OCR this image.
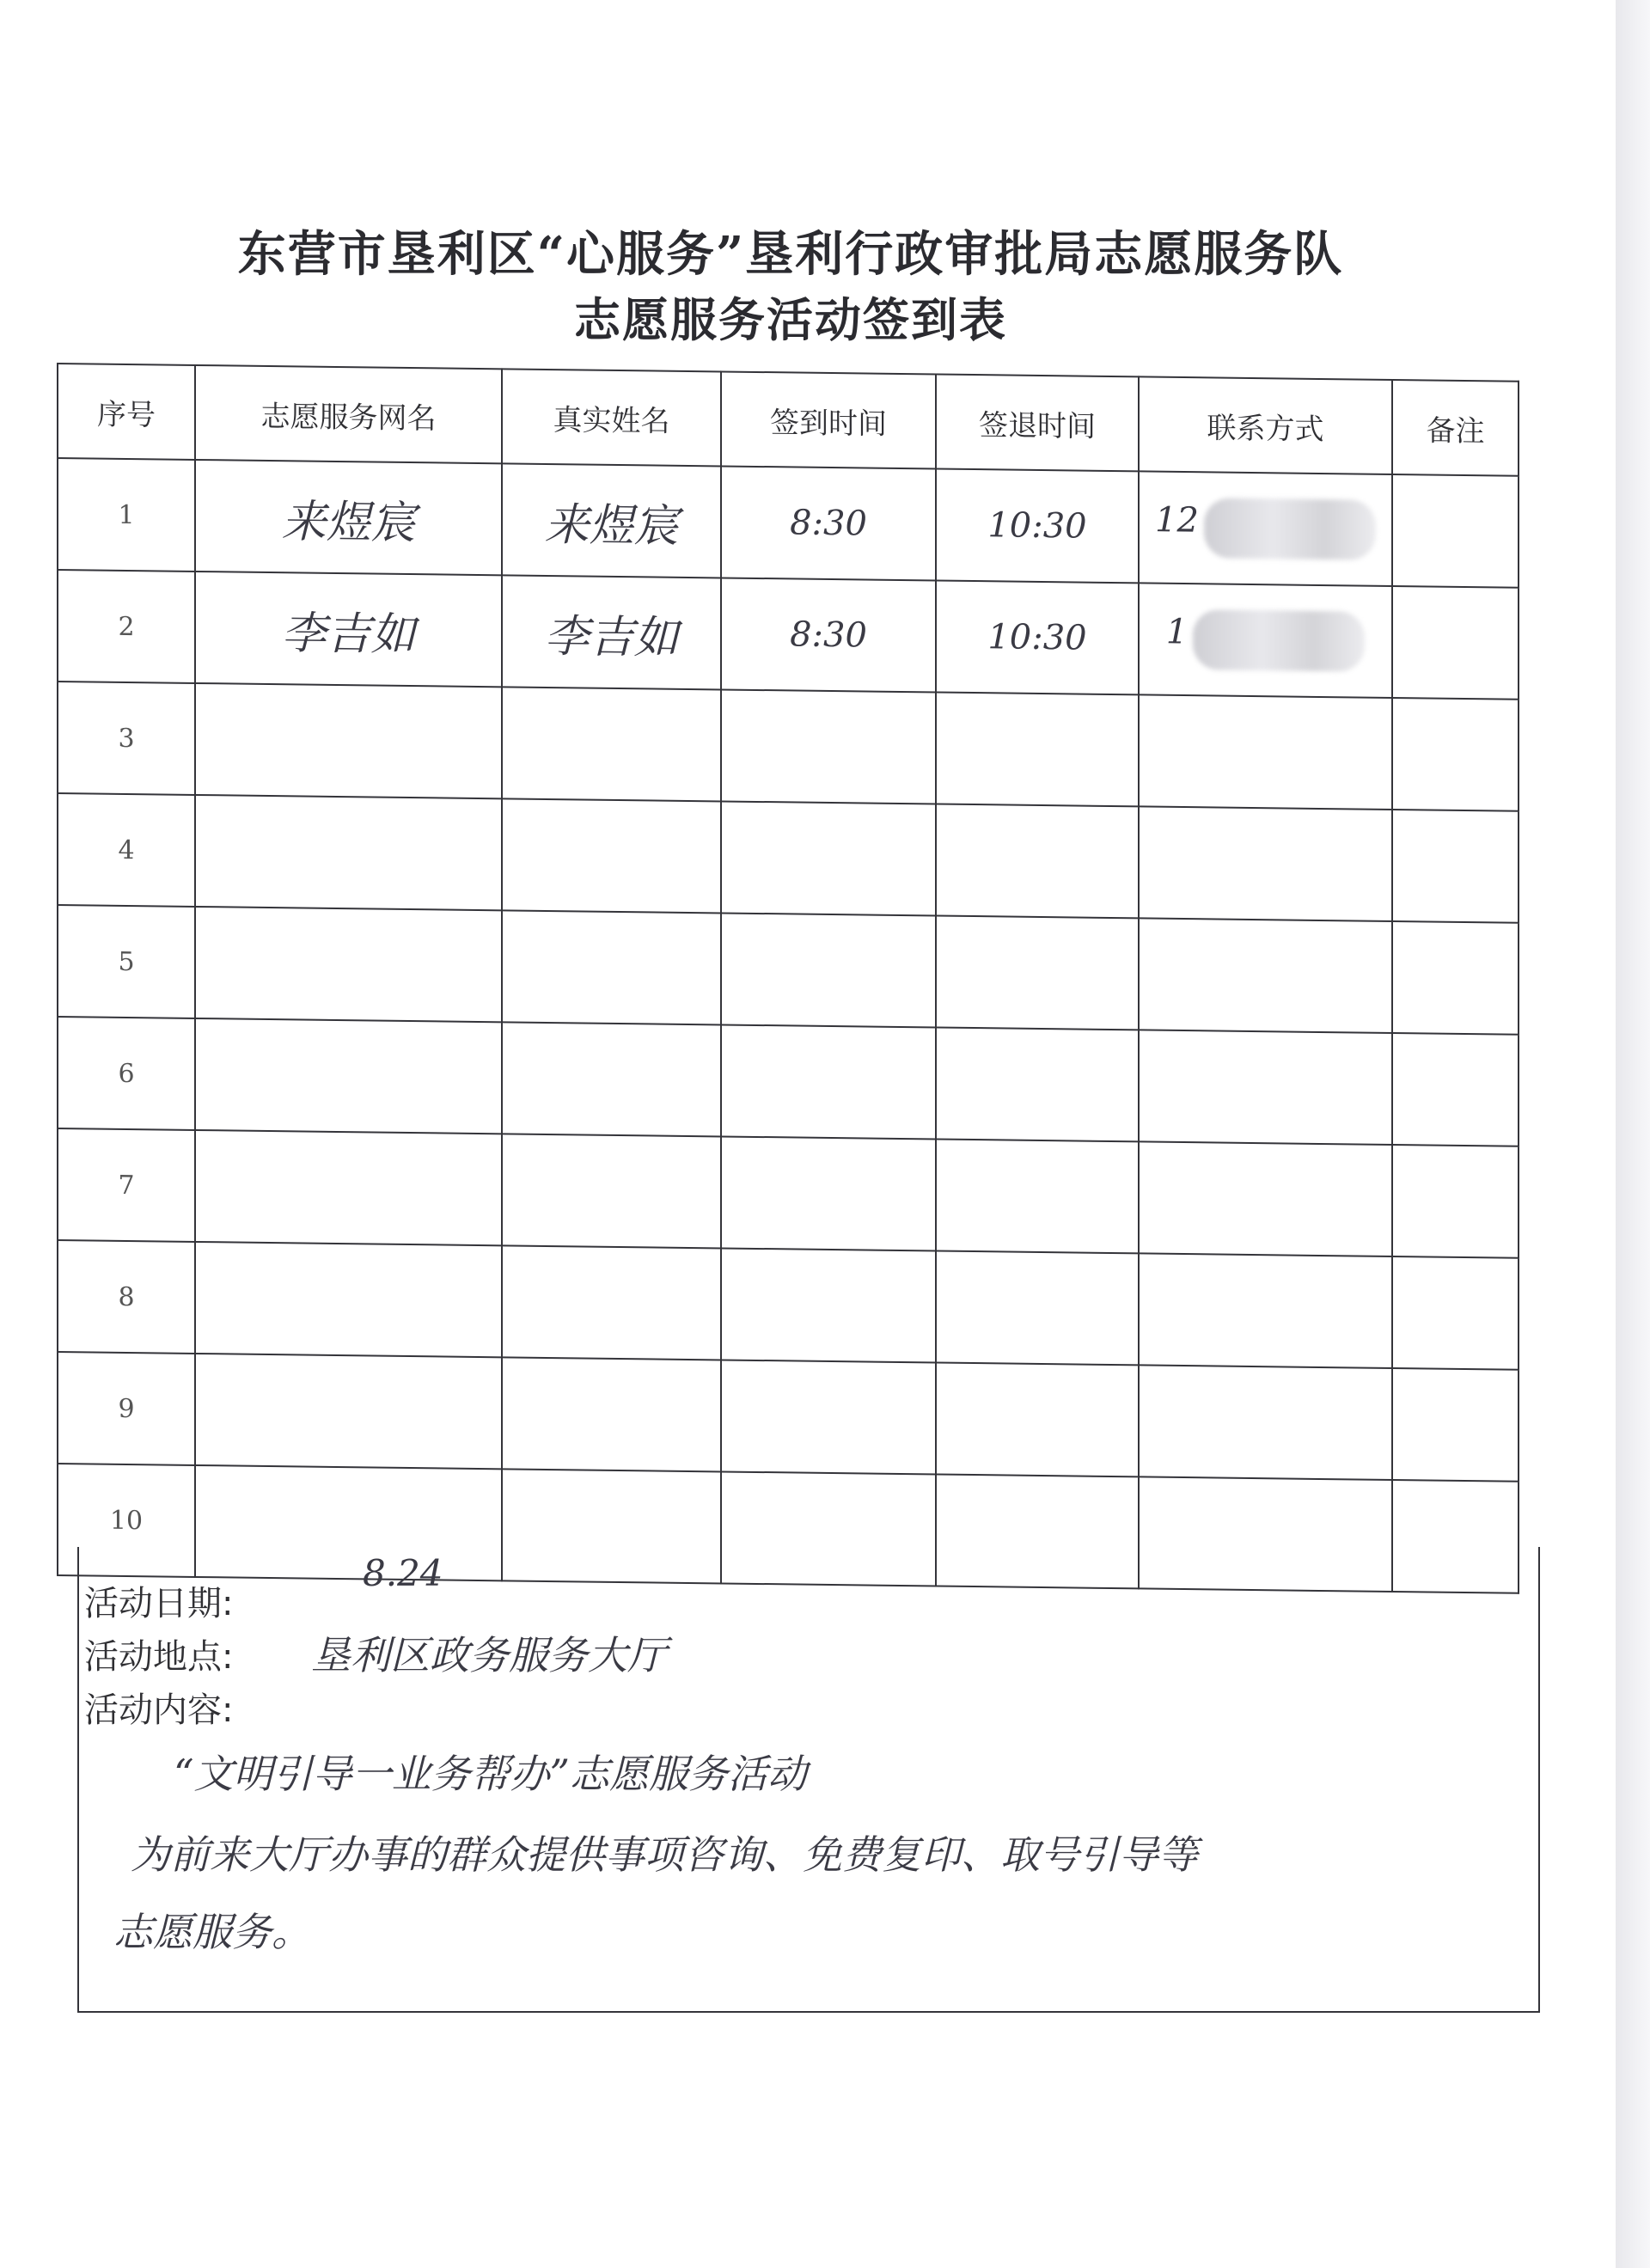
东营市垦利区“心服务”垦利行政审批局志愿服务队
志愿服务活动签到表
序号	志愿服务网名	真实姓名	签到时间	签退时间	联系方式	备注
1	来煜宸	来煜宸	8:30	10:30	12	
2	李吉如	李吉如	8:30	10:30	1	
3						
4						
5						
6						
7						
8						
9						
10						
活动日期:
8.24
活动地点: 垦利区政务服务大厅
活动内容:
“文明引导一业务帮办”志愿服务活动
为前来大厅办事的群众提供事项咨询、免费复印、取号引导等
志愿服务。
